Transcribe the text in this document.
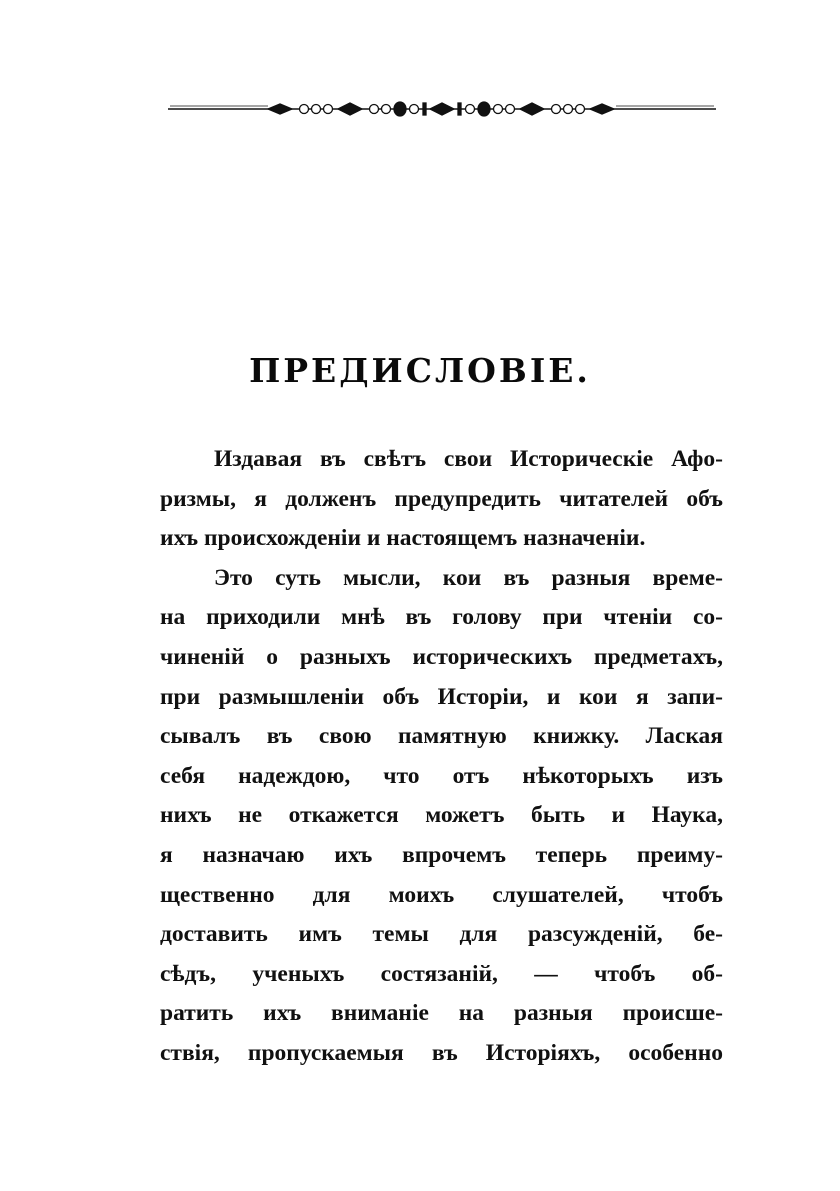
ПРЕДИСЛОВІЕ.
Издавая въ свѣтъ свои Историческіе Афо-
ризмы, я долженъ предупредить читателей объ
ихъ происхожденіи и настоящемъ назначеніи.
Это суть мысли, кои въ разныя време-
на приходили мнѣ въ голову при чтеніи со-
чиненій о разныхъ историческихъ предметахъ,
при размышленіи объ Исторіи, и кои я запи-
сывалъ въ свою памятную книжку. Лаская
себя надеждою, что отъ нѣкоторыхъ изъ
нихъ не откажется можетъ быть и Наука,
я назначаю ихъ впрочемъ теперь преиму-
щественно для моихъ слушателей, чтобъ
доставить имъ темы для разсужденій, бе-
сѣдъ, ученыхъ состязаній, — чтобъ об-
ратить ихъ вниманіе на разныя происше-
ствія, пропускаемыя въ Исторіяхъ, особенно
